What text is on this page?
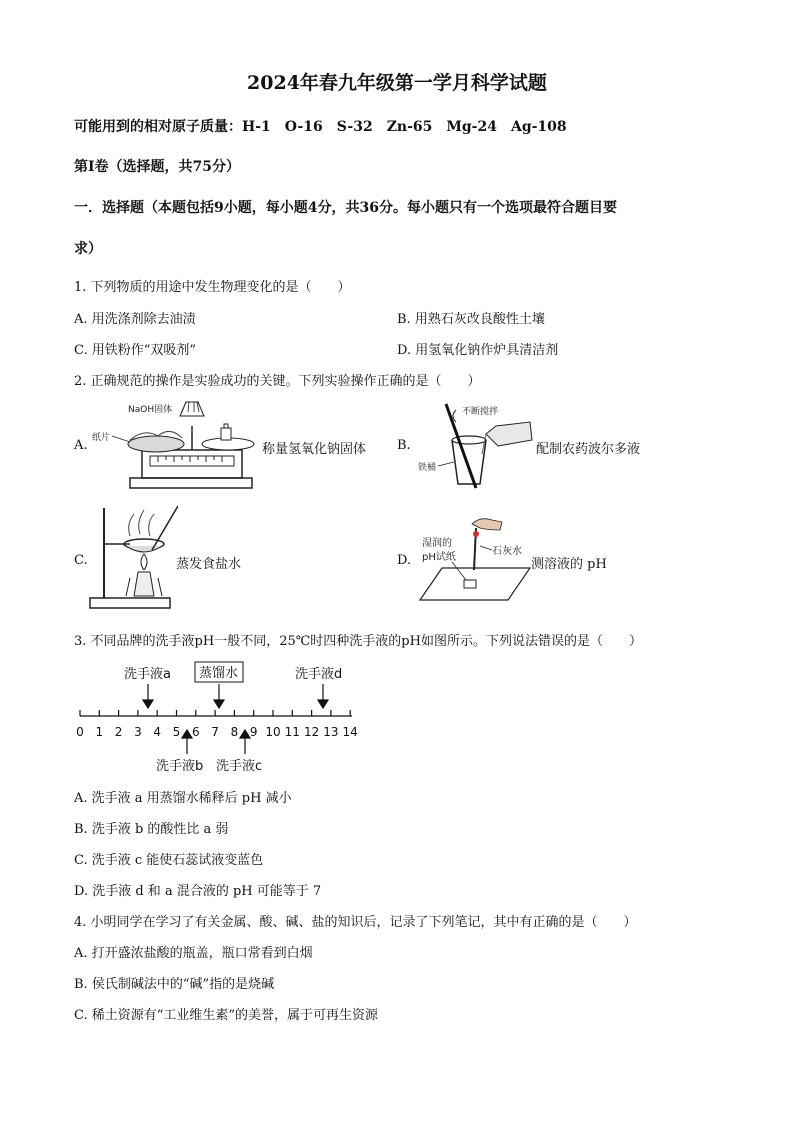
2024年春九年级第一学月科学试题
可能用到的相对原子质量：H-1　O-16　S-32　Zn-65　Mg-24　Ag-108
第Ⅰ卷（选择题，共75分）
一．选择题（本题包括9小题，每小题4分，共36分。每小题只有一个选项最符合题目要
求）
1. 下列物质的用途中发生物理变化的是（　　）
A. 用洗涤剂除去油渍	B. 用熟石灰改良酸性土壤
C. 用铁粉作“双吸剂”	D. 用氢氧化钠作炉具清洁剂
2. 正确规范的操作是实验成功的关键。下列实验操作正确的是（　　）
A.
NaOH固体
纸片
称量氢氧化钠固体 B.
不断搅拌
铁桶
配制农药波尔多液
C.	蒸发食盐水	D.
湿润的
pH试纸
石灰水
测溶液的 pH
3. 不同品牌的洗手液pH一般不同，25℃时四种洗手液的pH如图所示。下列说法错误的是（　　）
0 1 2 3 4 5 6 7 8 9 10 11 12 13 14
洗手液a 蒸馏水	洗手液d
洗手液b 洗手液c
A. 洗手液 a 用蒸馏水稀释后 pH 减小
B. 洗手液 b 的酸性比 a 弱
C. 洗手液 c 能使石蕊试液变蓝色
D. 洗手液 d 和 a 混合液的 pH 可能等于 7
4. 小明同学在学习了有关金属、酸、碱、盐的知识后，记录了下列笔记，其中有正确的是（　　）
A. 打开盛浓盐酸的瓶盖，瓶口常看到白烟
B. 侯氏制碱法中的“碱”指的是烧碱
C. 稀土资源有“工业维生素”的美誉，属于可再生资源
